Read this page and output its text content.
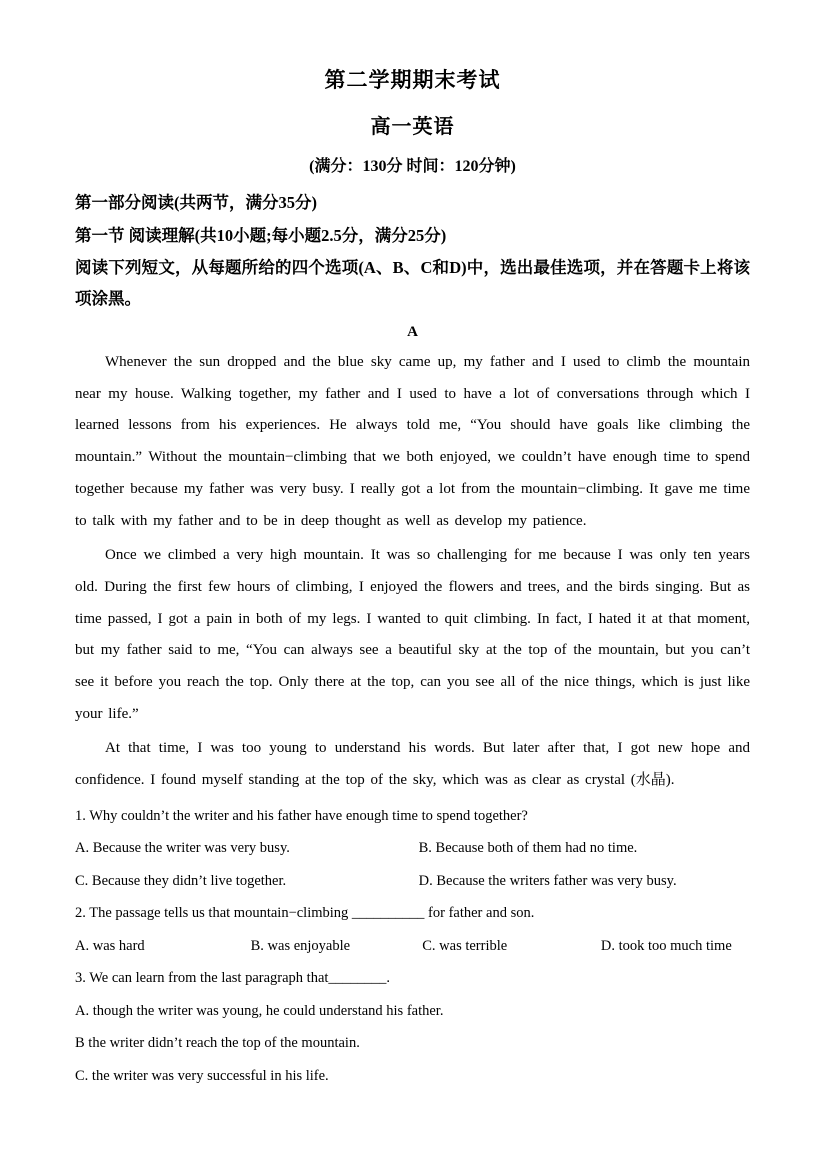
第二学期期末考试
高一英语

(满分：130分 时间：120分钟)

第一部分阅读(共两节，满分35分)

第一节 阅读理解(共10小题;每小题2.5分，满分25分)

阅读下列短文，从每题所给的四个选项(A、B、C和D)中，选出最佳选项，并在答题卡上将该项涂黑。

A

Whenever the sun dropped and the blue sky came up, my father and I used to climb the mountain near my house. Walking together, my father and I used to have a lot of conversations through which I learned lessons from his experiences. He always told me, “You should have goals like climbing the mountain.” Without the mountain−climbing that we both enjoyed, we couldn’t have enough time to spend together because my father was very busy. I really got a lot from the mountain−climbing. It gave me time to talk with my father and to be in deep thought as well as develop my patience.

Once we climbed a very high mountain. It was so challenging for me because I was only ten years old. During the first few hours of climbing, I enjoyed the flowers and trees, and the birds singing. But as time passed, I got a pain in both of my legs. I wanted to quit climbing. In fact, I hated it at that moment, but my father said to me, “You can always see a beautiful sky at the top of the mountain, but you can’t see it before you reach the top. Only there at the top, can you see all of the nice things, which is just like your life.”

At that time, I was too young to understand his words. But later after that, I got new hope and confidence. I found myself standing at the top of the sky, which was as clear as crystal (水晶).

1. Why couldn’t the writer and his father have enough time to spend together?

A. Because the writer was very busy.	B. Because both of them had no time.

C. Because they didn’t live together.	D. Because the writers father was very busy.

2. The passage tells us that mountain−climbing __________ for father and son.

A. was hard	B. was enjoyable	C. was terrible	D. took too much time

3. We can learn from the last paragraph that________.

A. though the writer was young, he could understand his father.

B the writer didn’t reach the top of the mountain.

C. the writer was very successful in his life.
